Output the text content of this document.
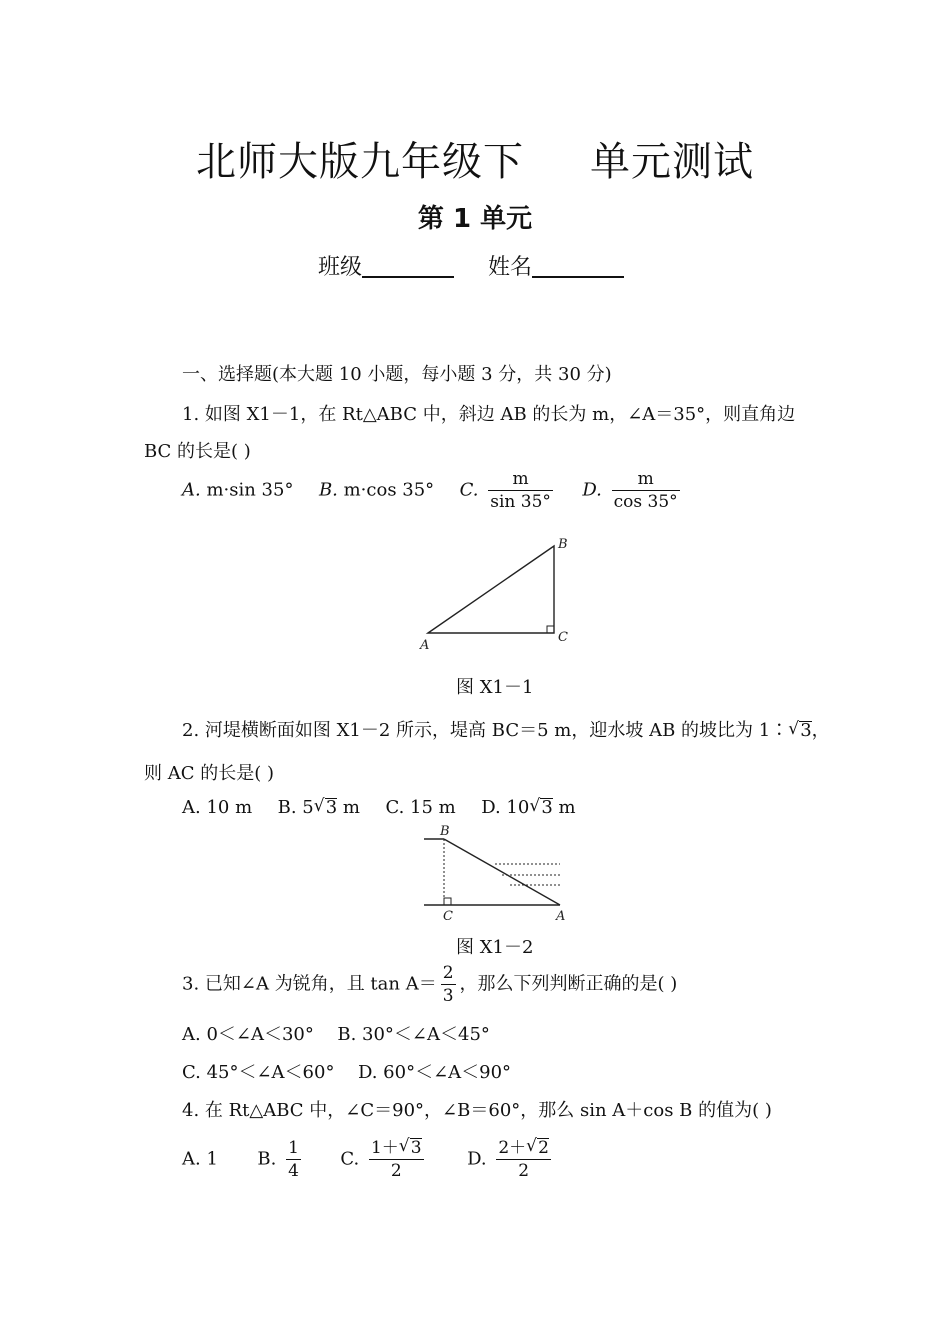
北师大版九年级下 单元测试
第 1 单元
班级	姓名
一、选择题(本大题 10 小题，每小题 3 分，共 30 分)
1. 如图 X1－1，在 Rt△ABC 中，斜边 AB 的长为 m，∠A＝35°，则直角边
BC 的长是( )
A. m·sin 35° B. m·cos 35° C. $\frac{m}{\sin 35^\circ} D$. $\frac{m}{\cos 35^\circ}$
A
B
C
图 X1－1
2. 河堤横断面如图 X1－2 所示，堤高 BC＝5 m，迎水坡 AB 的坡比为 1∶ √ 3，
则 AC 的长是( )
A. 10 m B. 5 √ 3 m C. 15 m D. 10 √ 3 m
B
C	A
图 X1－2
3. 已知∠A 为锐角，且 $\tan A= \frac{2}{3}$ ，那么下列判断正确的是( )
A. 0＜∠A＜30° B. 30°＜∠A＜45°
C. 45°＜∠A＜60° D. 60°＜∠A＜90°
4. 在 Rt△ABC 中，∠C＝90°，∠B＝60°，那么 sin A＋cos B 的值为( )
A. 1 B. $\frac{1}{4} C$. $\frac{1+ √ 3}{2} D$. $\frac{2+ √ 2}{2}$
